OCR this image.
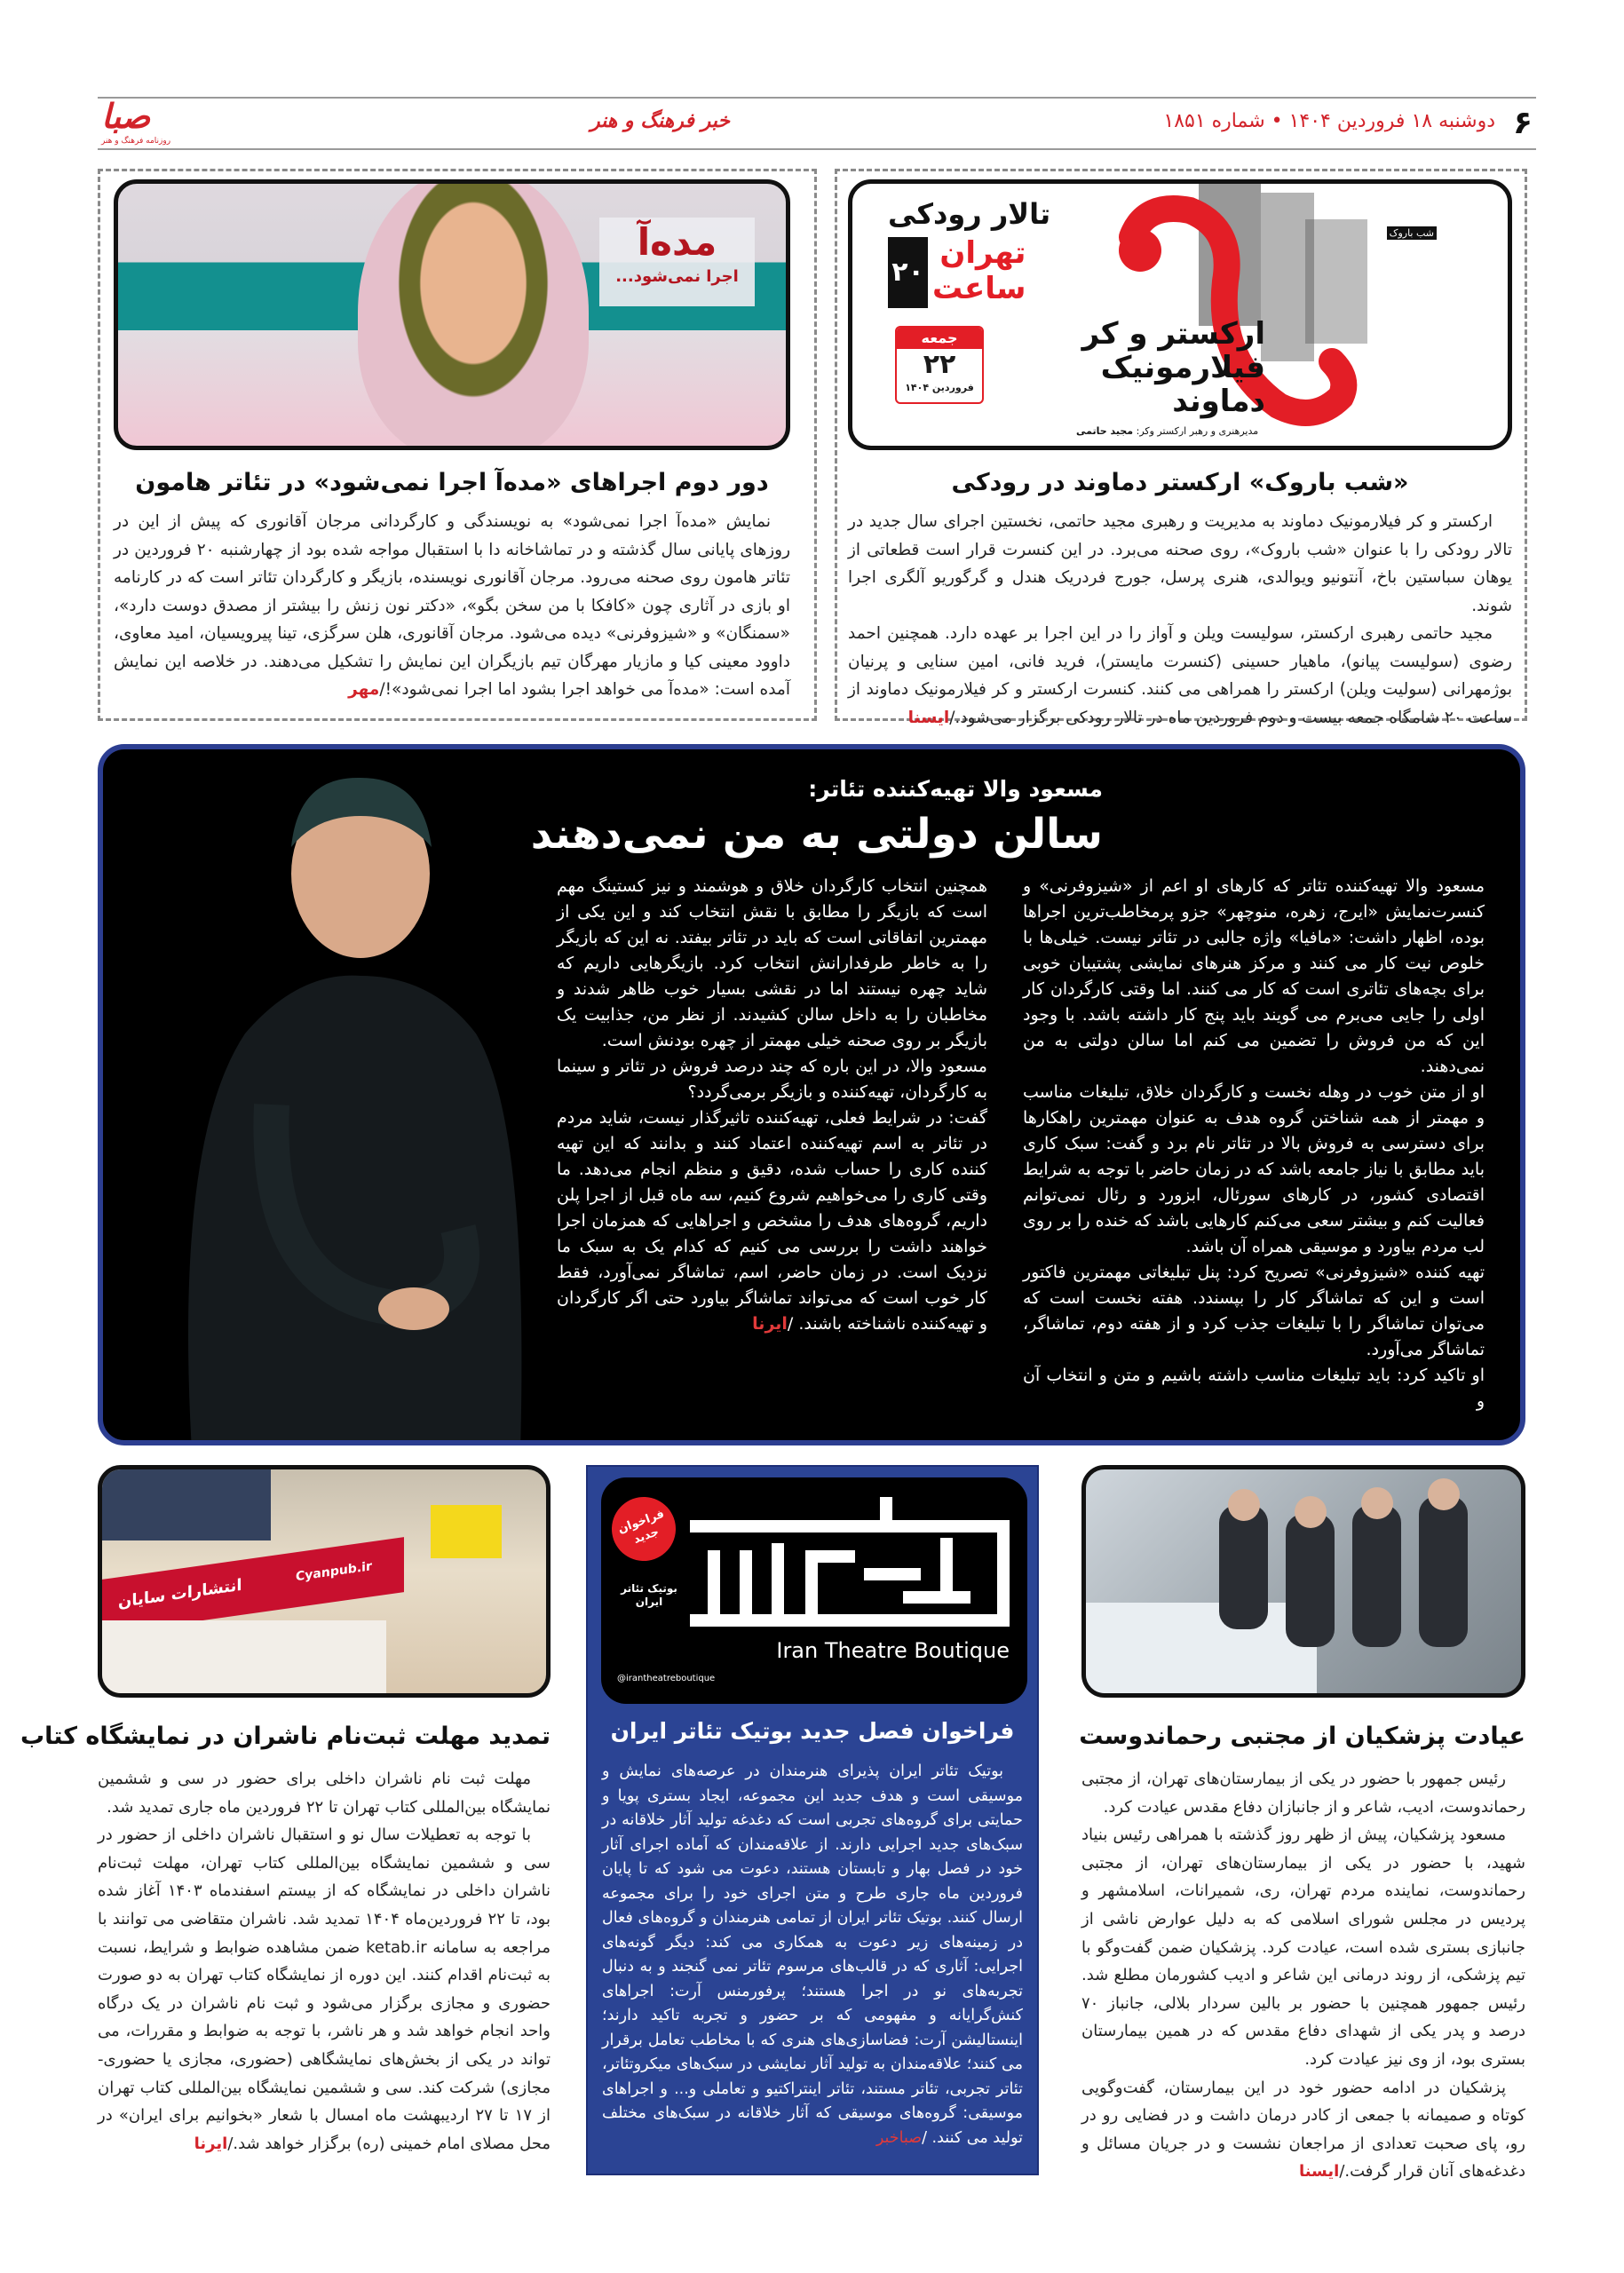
۶
دوشنبه ۱۸ فروردین ۱۴۰۴ • شماره ۱۸۵۱
خبر فرهنگ و هنر
صبا
روزنامه فرهنگ و هنر
شب باروک
ارکستر و کر
فیلارمونیک
دماوند
مدیرهنری و رهبر ارکستر وکر: مجید حاتمی
تالار رودکی
۲۰
تهران
ساعت
جمعه
۲۲
فروردین ۱۴۰۴
«شب باروک» ارکستر دماوند در رودکی

ارکستر و کر فیلارمونیک دماوند به مدیریت و رهبری مجید حاتمی، نخستین اجرای سال جدید در تالار رودکی را با عنوان «شب باروک»، روی صحنه می‌برد. در این کنسرت قرار است قطعاتی از یوهان سباستین باخ، آنتونیو ویوالدی، هنری پرسل، جورج فردریک هندل و گرگوریو آلگری اجرا شوند.

مجید حاتمی رهبری ارکستر، سولیست ویلن و آواز را در این اجرا بر عهده دارد. همچنین احمد رضوی (سولیست پیانو)، ماهیار حسینی (کنسرت مایستر)، فرید فانی، امین سنایی و پرنیان بوژمهرانی (سولیت ویلن) ارکستر را همراهی می کنند. کنسرت ارکستر و کر فیلارمونیک دماوند از ساعت ۲۰ شامگاه جمعه بیست و دوم فروردین ماه در تالار رودکی برگزار می‌شود./ایسنا

مده‌آ
اجرا نمی‌شود...
دور دوم اجراهای «مده‌آ اجرا نمی‌شود» در تئاتر هامون

نمایش «مده‌آ اجرا نمی‌شود» به نویسندگی و کارگردانی مرجان آقانوری که پیش از این در روزهای پایانی سال گذشته و در تماشاخانه دا با استقبال مواجه شده بود از چهارشنبه ۲۰ فروردین در تئاتر هامون روی صحنه می‌رود. مرجان آقانوری نویسنده، بازیگر و کارگردان تئاتر است که در کارنامه او بازی در آثاری چون «کافکا با من سخن بگو»، «دکتر نون زنش را بیشتر از مصدق دوست دارد»، «سمنگان» و «شیزوفرنی» دیده می‌شود. مرجان آقانوری، هلن سرگزی، تینا پیرویسیان، امید معاوی، داوود معینی کیا و مازیار مهرگان تیم بازیگران این نمایش را تشکیل می‌دهند. در خلاصه این نمایش آمده است: «مده‌آ می خواهد اجرا بشود اما اجرا نمی‌شود»!/مهر

مسعود والا تهیه‌کننده تئاتر:
سالن دولتی به من نمی‌دهند

مسعود والا تهیه‌کننده تئاتر که کارهای او اعم از «شیزوفرنی» و کنسرت‌نمایش «ایرج، زهره، منوچهر» جزو پرمخاطب‌ترین اجراها بوده، اظهار داشت: «مافیا» واژه جالبی در تئاتر نیست. خیلی‌ها با خلوص نیت کار می کنند و مرکز هنرهای نمایشی پشتیبان خوبی برای بچه‌های تئاتری است که کار می کنند. اما وقتی کارگردان کار اولی را جایی می‌برم می گویند باید پنج کار داشته باشد. با وجود این که من فروش را تضمین می کنم اما سالن دولتی به من نمی‌دهند.

او از متن خوب در وهله نخست و کارگردان خلاق، تبلیغات مناسب و مهمتر از همه شناختن گروه هدف به عنوان مهمترین راهکارها برای دسترسی به فروش بالا در تئاتر نام برد و گفت: سبک کاری باید مطابق با نیاز جامعه باشد که در زمان حاضر با توجه به شرایط اقتصادی کشور، در کارهای سورئال، ابزورد و رئال نمی‌توانم فعالیت کنم و بیشتر سعی می‌کنم کارهایی باشد که خنده را بر روی لب مردم بیاورد و موسیقی همراه آن باشد.

تهیه کننده «شیزوفرنی» تصریح کرد: پنل تبلیغاتی مهمترین فاکتور است و این که تماشاگر کار را بپسندد. هفته نخست است که می‌توان تماشاگر را با تبلیغات جذب کرد و از هفته دوم، تماشاگر، تماشاگر می‌آورد.

او تاکید کرد: باید تبلیغات مناسب داشته باشیم و متن و انتخاب آن و

همچنین انتخاب کارگردان خلاق و هوشمند و نیز کستینگ مهم است که بازیگر را مطابق با نقش انتخاب کند و این یکی از مهمترین اتفاقاتی است که باید در تئاتر بیفتد. نه این که بازیگر را به خاطر طرفدارانش انتخاب کرد. بازیگرهایی داریم که شاید چهره نیستند اما در نقشی بسیار خوب ظاهر شدند و مخاطبان را به داخل سالن کشیدند. از نظر من، جذابیت یک بازیگر بر روی صحنه خیلی مهمتر از چهره بودنش است.

مسعود والا، در این باره که چند درصد فروش در تئاتر و سینما به کارگردان، تهیه‌کننده و بازیگر برمی‌گردد؟

گفت: در شرایط فعلی، تهیه‌کننده تاثیرگذار نیست، شاید مردم در تئاتر به اسم تهیه‌کننده اعتماد کنند و بدانند که این تهیه کننده کاری را حساب شده، دقیق و منظم انجام می‌دهد. ما وقتی کاری را می‌خواهیم شروع کنیم، سه ماه قبل از اجرا پلن داریم، گروه‌های هدف را مشخص و اجراهایی که همزمان اجرا خواهند داشت را بررسی می کنیم که کدام یک به سبک ما نزدیک است. در زمان حاضر، اسم، تماشاگر نمی‌آورد، فقط کار خوب است که می‌تواند تماشاگر بیاورد حتی اگر کارگردان و تهیه‌کننده ناشناخته باشند. /ایرنا

عیادت پزشکیان از مجتبی رحماندوست

رئیس جمهور با حضور در یکی از بیمارستان‌های تهران، از مجتبی رحماندوست، ادیب، شاعر و از جانبازان دفاع مقدس عیادت کرد.

مسعود پزشکیان، پیش از ظهر روز گذشته با همراهی رئیس بنیاد شهید، با حضور در یکی از بیمارستان‌های تهران، از مجتبی رحماندوست، نماینده مردم تهران، ری، شمیرانات، اسلامشهر و پردیس در مجلس شورای اسلامی که به دلیل عوارض ناشی از جانبازی بستری شده است، عیادت کرد. پزشکیان ضمن گفت‌وگو با تیم پزشکی، از روند درمانی این شاعر و ادیب کشورمان مطلع شد. رئیس جمهور همچنین با حضور بر بالین سردار بلالی، جانباز ۷۰ درصد و پدر یکی از شهدای دفاع مقدس که در همین بیمارستان بستری بود، از وی نیز عیادت کرد.

پزشکیان در ادامه حضور خود در این بیمارستان، گفت‌وگویی کوتاه و صمیمانه با جمعی از کادر درمان داشت و در فضایی رو در رو، پای صحبت تعدادی از مراجعان نشست و در جریان مسائل و دغدغه‌های آنان قرار گرفت./ایسنا

فراخوان جدید
بوتیک تئاتر ایران
Iran Theatre Boutique
@irantheatreboutique
فراخوان فصل جدید بوتیک تئاتر ایران

بوتیک تئاتر ایران پذیرای هنرمندان در عرصه‌های نمایش و موسیقی است و هدف جدید این مجموعه، ایجاد بستری پویا و حمایتی برای گروه‌های تجربی است که دغدغه تولید آثار خلاقانه در سبک‌های جدید اجرایی دارند. از علاقه‌مندان که آماده اجرای آثار خود در فصل بهار و تابستان هستند، دعوت می شود که تا پایان فروردین ماه جاری طرح و متن اجرای خود را برای مجموعه ارسال کنند. بوتیک تئاتر ایران از تمامی هنرمندان و گروه‌های فعال در زمینه‌های زیر دعوت به همکاری می کند: دیگر گونه‌های اجرایی: آثاری که در قالب‌های مرسوم تئاتر نمی گنجند و به دنبال تجربه‌های نو در اجرا هستند؛ پرفورمنس آرت: اجراهای کنش‌گرایانه و مفهومی که بر حضور و تجربه تاکید دارند؛ اینستالیشن آرت: فضاسازی‌های هنری که با مخاطب تعامل برقرار می کنند؛ علاقه‌مندان به تولید آثار نمایشی در سبک‌های میکروتئاتر، تئاتر تجربی، تئاتر مستند، تئاتر اینتراکتیو و تعاملی و... و اجراهای موسیقی: گروه‌های موسیقی که آثار خلاقانه در سبک‌های مختلف تولید می کنند. /صباخبر

انتشارات سایان
Cyanpub.ir
تمدید مهلت ثبت‌نام ناشران در نمایشگاه کتاب

مهلت ثبت نام ناشران داخلی برای حضور در سی و ششمین نمایشگاه بین‌المللی کتاب تهران تا ۲۲ فروردین ماه جاری تمدید شد.

با توجه به تعطیلات سال نو و استقبال ناشران داخلی از حضور در سی و ششمین نمایشگاه بین‌المللی کتاب تهران، مهلت ثبت‌نام ناشران داخلی در نمایشگاه که از بیستم اسفندماه ۱۴۰۳ آغاز شده بود، تا ۲۲ فروردین‌ماه ۱۴۰۴ تمدید شد. ناشران متقاضی می توانند با مراجعه به سامانه ketab.ir ضمن مشاهده ضوابط و شرایط، نسبت به ثبت‌نام اقدام کنند. این دوره از نمایشگاه کتاب تهران به دو صورت حضوری و مجازی برگزار می‌شود و ثبت نام ناشران در یک درگاه واحد انجام خواهد شد و هر ناشر، با توجه به ضوابط و مقررات، می تواند در یکی از بخش‌های نمایشگاهی (حضوری، مجازی یا حضوری-مجازی) شرکت کند. سی و ششمین نمایشگاه بین‌المللی کتاب تهران از ۱۷ تا ۲۷ اردیبهشت ماه امسال با شعار «بخوانیم برای ایران» در محل مصلای امام خمینی (ره) برگزار خواهد شد./ایرنا
